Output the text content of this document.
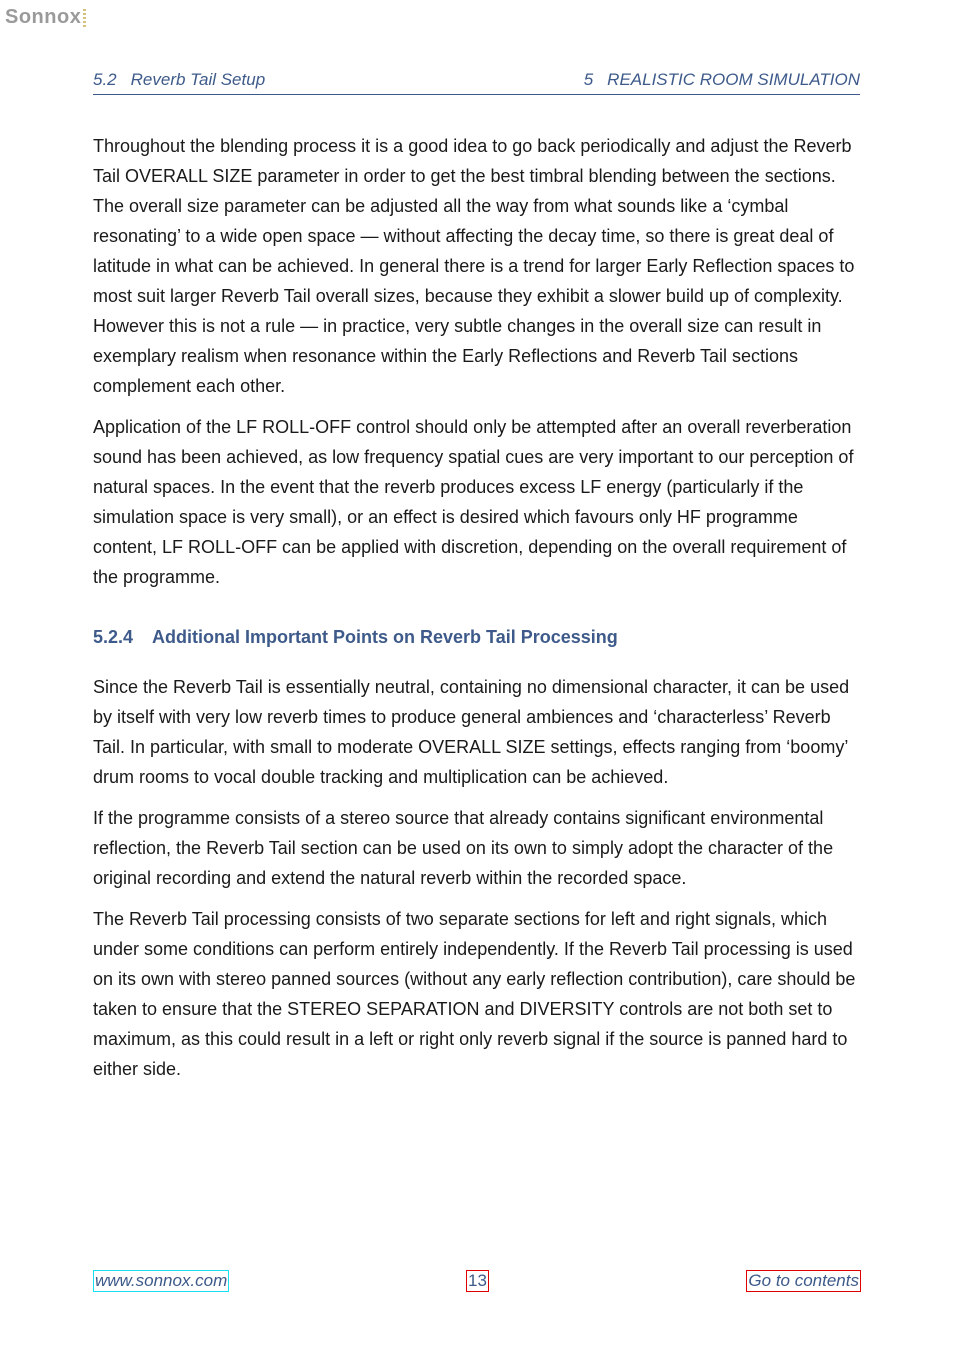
Sonnox
5.2 Reverb Tail Setup	5 REALISTIC ROOM SIMULATION

Throughout the blending process it is a good idea to go back periodically and adjust the Reverb Tail OVERALL SIZE parameter in order to get the best timbral blending between the sections. The overall size parameter can be adjusted all the way from what sounds like a ‘cymbal resonating’ to a wide open space — without affecting the decay time, so there is great deal of latitude in what can be achieved. In general there is a trend for larger Early Reflection spaces to most suit larger Reverb Tail overall sizes, because they exhibit a slower build up of complexity. However this is not a rule — in practice, very subtle changes in the overall size can result in exemplary realism when resonance within the Early Reflections and Reverb Tail sections complement each other.

Application of the LF ROLL-OFF control should only be attempted after an overall reverberation sound has been achieved, as low frequency spatial cues are very important to our perception of natural spaces. In the event that the reverb produces excess LF energy (particularly if the simulation space is very small), or an effect is desired which favours only HF programme content, LF ROLL-OFF can be applied with discretion, depending on the overall requirement of the programme.

5.2.4 Additional Important Points on Reverb Tail Processing

Since the Reverb Tail is essentially neutral, containing no dimensional character, it can be used by itself with very low reverb times to produce general ambiences and ‘characterless’ Reverb Tail. In particular, with small to moderate OVERALL SIZE settings, effects ranging from ‘boomy’ drum rooms to vocal double tracking and multiplication can be achieved.

If the programme consists of a stereo source that already contains significant environmental reflection, the Reverb Tail section can be used on its own to simply adopt the character of the original recording and extend the natural reverb within the recorded space.

The Reverb Tail processing consists of two separate sections for left and right signals, which under some conditions can perform entirely independently. If the Reverb Tail processing is used on its own with stereo panned sources (without any early reflection contribution), care should be taken to ensure that the STEREO SEPARATION and DIVERSITY controls are not both set to maximum, as this could result in a left or right only reverb signal if the source is panned hard to either side.

www.sonnox.com	13	Go to contents
